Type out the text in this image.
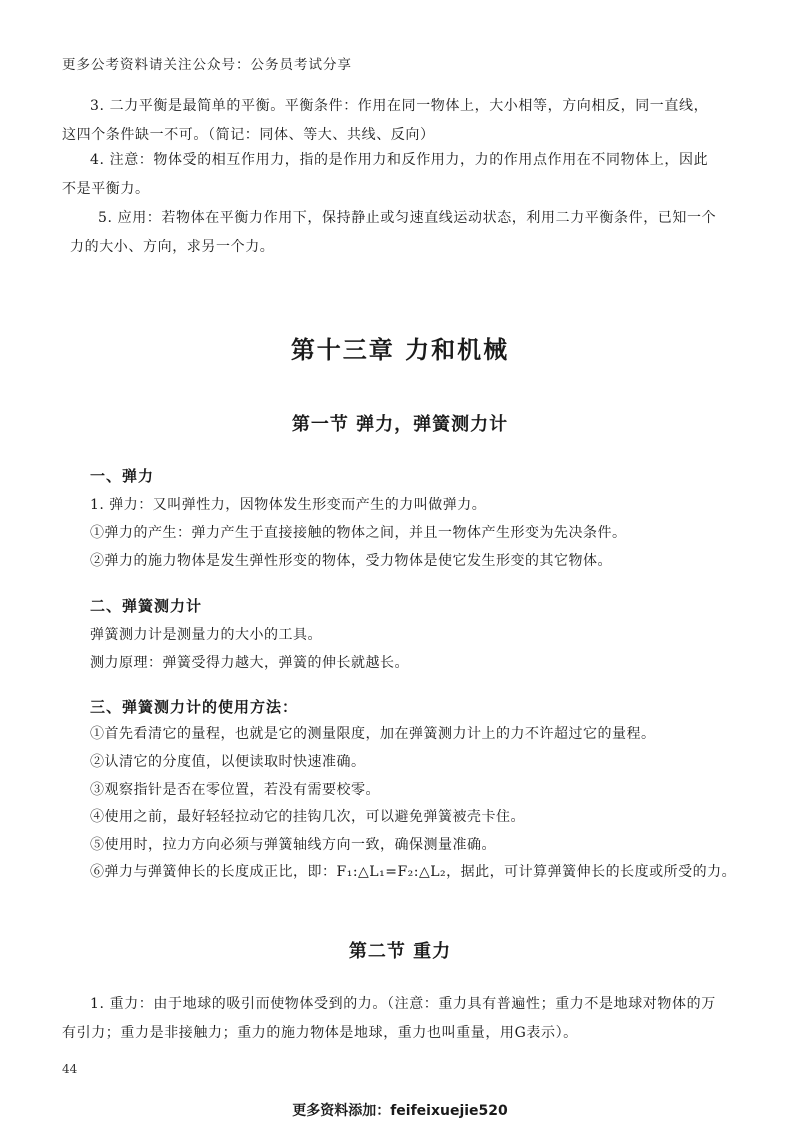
更多公考资料请关注公众号：公务员考试分享

3. 二力平衡是最简单的平衡。平衡条件：作用在同一物体上，大小相等，方向相反，同一直线，这四个条件缺一不可。（简记：同体、等大、共线、反向）

4. 注意：物体受的相互作用力，指的是作用力和反作用力，力的作用点作用在不同物体上，因此不是平衡力。

5. 应用：若物体在平衡力作用下，保持静止或匀速直线运动状态，利用二力平衡条件，已知一个力的大小、方向，求另一个力。

第十三章 力和机械
第一节 弹力，弹簧测力计
一、弹力
1. 弹力：又叫弹性力，因物体发生形变而产生的力叫做弹力。
①弹力的产生：弹力产生于直接接触的物体之间，并且一物体产生形变为先决条件。
②弹力的施力物体是发生弹性形变的物体，受力物体是使它发生形变的其它物体。
二、弹簧测力计
弹簧测力计是测量力的大小的工具。
测力原理：弹簧受得力越大，弹簧的伸长就越长。
三、弹簧测力计的使用方法：
①首先看清它的量程，也就是它的测量限度，加在弹簧测力计上的力不许超过它的量程。
②认清它的分度值，以便读取时快速准确。
③观察指针是否在零位置，若没有需要校零。
④使用之前，最好轻轻拉动它的挂钩几次，可以避免弹簧被壳卡住。
⑤使用时，拉力方向必须与弹簧轴线方向一致，确保测量准确。
⑥弹力与弹簧伸长的长度成正比，即：F₁:△L₁=F₂:△L₂，据此，可计算弹簧伸长的长度或所受的力。
第二节 重力

1. 重力：由于地球的吸引而使物体受到的力。（注意：重力具有普遍性；重力不是地球对物体的万有引力；重力是非接触力；重力的施力物体是地球，重力也叫重量，用G表示）。

44
更多资料添加：feifeixuejie520
